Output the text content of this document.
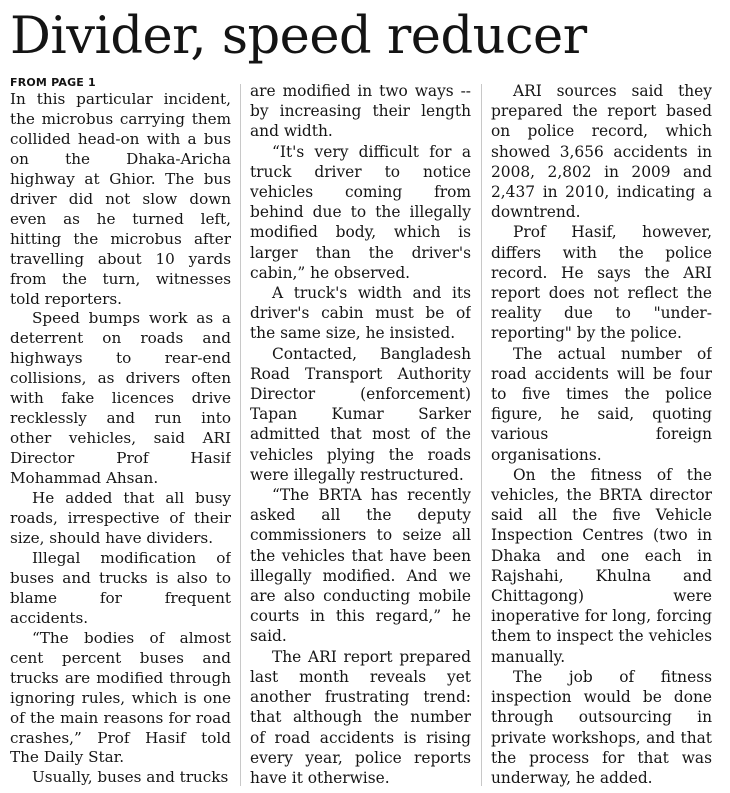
Divider, speed reducer
FROM PAGE 1

In this particular incident, the microbus carrying them collided head-on with a bus on the Dhaka-Aricha highway at Ghior. The bus driver did not slow down even as he turned left, hitting the microbus after travelling about 10 yards from the turn, witnesses told reporters.

Speed bumps work as a deterrent on roads and highways to rear-end collisions, as drivers often with fake licences drive recklessly and run into other vehicles, said ARI Director Prof Hasif Mohammad Ahsan.

He added that all busy roads, irrespective of their size, should have dividers.

Illegal modification of buses and trucks is also to blame for frequent accidents.

“The bodies of almost cent percent buses and trucks are modified through ignoring rules, which is one of the main reasons for road crashes,” Prof Hasif told The Daily Star.

Usually, buses and trucks

are modified in two ways -- by increasing their length and width.

“It's very difficult for a truck driver to notice vehicles coming from behind due to the illegally modified body, which is larger than the driver's cabin,” he observed.

A truck's width and its driver's cabin must be of the same size, he insisted.

Contacted, Bangladesh Road Transport Authority Director (enforcement) Tapan Kumar Sarker admitted that most of the vehicles plying the roads were illegally restructured.

“The BRTA has recently asked all the deputy commissioners to seize all the vehicles that have been illegally modified. And we are also conducting mobile courts in this regard,” he said.

The ARI report prepared last month reveals yet another frustrating trend: that although the number of road accidents is rising every year, police reports have it otherwise.

ARI sources said they prepared the report based on police record, which showed 3,656 accidents in 2008, 2,802 in 2009 and 2,437 in 2010, indicating a downtrend.

Prof Hasif, however, differs with the police record. He says the ARI report does not reflect the reality due to "under-reporting" by the police.

The actual number of road accidents will be four to five times the police figure, he said, quoting various foreign organisations.

On the fitness of the vehicles, the BRTA director said all the five Vehicle Inspection Centres (two in Dhaka and one each in Rajshahi, Khulna and Chittagong) were inoperative for long, forcing them to inspect the vehicles manually.

The job of fitness inspection would be done through outsourcing in private workshops, and that the process for that was underway, he added.
